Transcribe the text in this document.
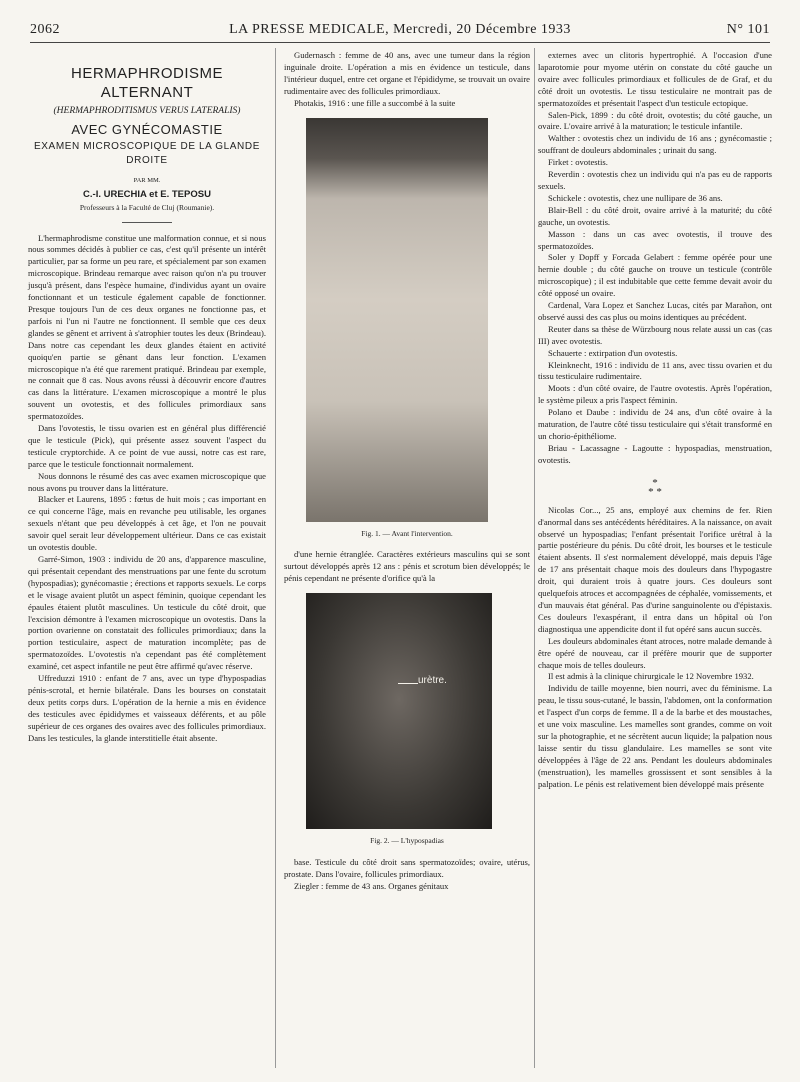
2062	LA PRESSE MEDICALE, Mercredi, 20 Décembre 1933	N° 101
HERMAPHRODISME ALTERNANT
(HERMAPHRODITISMUS VERUS LATERALIS)
AVEC GYNÉCOMASTIE
EXAMEN MICROSCOPIQUE DE LA GLANDE DROITE
PAR MM.
C.-I. URECHIA et E. TEPOSU
Professeurs à la Faculté de Cluj (Roumanie).

L'hermaphrodisme constitue une malformation connue, et si nous nous sommes décidés à publier ce cas, c'est qu'il présente un intérêt particulier, par sa forme un peu rare, et spécialement par son examen microscopique. Brindeau remarque avec raison qu'on n'a pu trouver jusqu'à présent, dans l'espèce humaine, d'individus ayant un ovaire fonctionnant et un testicule également capable de fonctionner. Presque toujours l'un de ces deux organes ne fonctionne pas, et parfois ni l'un ni l'autre ne fonctionnent. Il semble que ces deux glandes se gênent et arrivent à s'atrophier toutes les deux (Brindeau). Dans notre cas cependant les deux glandes étaient en activité quoiqu'en partie se gênant dans leur fonction. L'examen microscopique n'a été que rarement pratiqué. Brindeau par exemple, ne connait que 8 cas. Nous avons réussi à découvrir encore d'autres cas dans la littérature. L'examen microscopique a montré le plus souvent un ovotestis, et des follicules primordiaux sans spermatozoïdes.

Dans l'ovotestis, le tissu ovarien est en général plus différencié que le testicule (Pick), qui présente assez souvent l'aspect du testicule cryptorchide. A ce point de vue aussi, notre cas est rare, parce que le testicule fonctionnait normalement.

Nous donnons le résumé des cas avec examen microscopique que nous avons pu trouver dans la littérature.

Blacker et Laurens, 1895 : fœtus de huit mois ; cas important en ce qui concerne l'âge, mais en revanche peu utilisable, les organes sexuels n'étant que peu développés à cet âge, et l'on ne pouvait savoir quel serait leur développement ultérieur. Dans ce cas existait un ovotestis double.

Garré-Simon, 1903 : individu de 20 ans, d'apparence masculine, qui présentait cependant des menstruations par une fente du scrotum (hypospadias); gynécomastie ; érections et rapports sexuels. Le corps et le visage avaient plutôt un aspect féminin, quoique cependant les épaules étaient plutôt masculines. Un testicule du côté droit, que l'excision démontre à l'examen microscopique un ovotestis. Dans la portion ovarienne on constatait des follicules primordiaux; dans la portion testiculaire, aspect de maturation incomplète; pas de spermatozoïdes. L'ovotestis n'a cependant pas été complètement examiné, cet aspect infantile ne peut être affirmé qu'avec réserve.

Uffreduzzi 1910 : enfant de 7 ans, avec un type d'hypospadias pénis-scrotal, et hernie bilatérale. Dans les bourses on constatait deux petits corps durs. L'opération de la hernie a mis en évidence des testicules avec épididymes et vaisseaux déférents, et au pôle supérieur de ces organes des ovaires avec des follicules primordiaux. Dans les testicules, la glande interstitielle était absente.

Gudernasch : femme de 40 ans, avec une tumeur dans la région inguinale droite. L'opération a mis en évidence un testicule, dans l'intérieur duquel, entre cet organe et l'épididyme, se trouvait un ovaire rudimentaire avec des follicules primordiaux.

Photakis, 1916 : une fille a succombé à la suite

Fig. 1. — Avant l'intervention.

d'une hernie étranglée. Caractères extérieurs masculins qui se sont surtout développés après 12 ans : pénis et scrotum bien développés; le pénis cependant ne présente d'orifice qu'à la

urètre.
Fig. 2. — L'hypospadias

base. Testicule du côté droit sans spermatozoïdes; ovaire, utérus, prostate. Dans l'ovaire, follicules primordiaux.

Ziegler : femme de 43 ans. Organes génitaux

externes avec un clitoris hypertrophié. A l'occasion d'une laparotomie pour myome utérin on constate du côté gauche un ovaire avec follicules primordiaux et follicules de de Graf, et du côté droit un ovotestis. Le tissu testiculaire ne montrait pas de spermatozoïdes et présentait l'aspect d'un testicule ectopique.

Salen-Pick, 1899 : du côté droit, ovotestis; du côté gauche, un ovaire. L'ovaire arrivé à la maturation; le testicule infantile.

Walther : ovotestis chez un individu de 16 ans ; gynécomastie ; souffrant de douleurs abdominales ; urinait du sang.

Firket : ovotestis.

Reverdin : ovotestis chez un individu qui n'a pas eu de rapports sexuels.

Schickele : ovotestis, chez une nullipare de 36 ans.

Blair-Bell : du côté droit, ovaire arrivé à la maturité; du côté gauche, un ovotestis.

Masson : dans un cas avec ovotestis, il trouve des spermatozoïdes.

Soler y Dopff y Forcada Gelabert : femme opérée pour une hernie double ; du côté gauche on trouve un testicule (contrôle microscopique) ; il est indubitable que cette femme devait avoir du côté opposé un ovaire.

Cardenal, Vara Lopez et Sanchez Lucas, cités par Marañon, ont observé aussi des cas plus ou moins identiques au précédent.

Reuter dans sa thèse de Würzbourg nous relate aussi un cas (cas III) avec ovotestis.

Schauerte : extirpation d'un ovotestis.

Kleinknecht, 1916 : individu de 11 ans, avec tissu ovarien et du tissu testiculaire rudimentaire.

Moots : d'un côté ovaire, de l'autre ovotestis. Après l'opération, le système pileux a pris l'aspect féminin.

Polano et Daube : individu de 24 ans, d'un côté ovaire à la maturation, de l'autre côté tissu testiculaire qui s'était transformé en un chorio-épithéliome.

Briau - Lacassagne - Lagoutte : hypospadias, menstruation, ovotestis.

*
* *

Nicolas Cor..., 25 ans, employé aux chemins de fer. Rien d'anormal dans ses antécédents héréditaires. A la naissance, on avait observé un hypospadias; l'enfant présentait l'orifice urétral à la partie postérieure du pénis. Du côté droit, les bourses et le testicule étaient absents. Il s'est normalement développé, mais depuis l'âge de 17 ans présentait chaque mois des douleurs dans l'hypogastre droit, qui duraient trois à quatre jours. Ces douleurs sont quelquefois atroces et accompagnées de céphalée, vomissements, et d'un mauvais état général. Pas d'urine sanguinolente ou d'épistaxis. Ces douleurs l'exaspérant, il entra dans un hôpital où l'on diagnostiqua une appendicite dont il fut opéré sans aucun succès.

Les douleurs abdominales étant atroces, notre malade demande à être opéré de nouveau, car il préfère mourir que de supporter chaque mois de telles douleurs.

Il est admis à la clinique chirurgicale le 12 Novembre 1932.

Individu de taille moyenne, bien nourri, avec du féminisme. La peau, le tissu sous-cutané, le bassin, l'abdomen, ont la conformation et l'aspect d'un corps de femme. Il a de la barbe et des moustaches, et une voix masculine. Les mamelles sont grandes, comme on voit sur la photographie, et ne sécrètent aucun liquide; la palpation nous laisse sentir du tissu glandulaire. Les mamelles se sont vite développées à l'âge de 22 ans. Pendant les douleurs abdominales (menstruation), les mamelles grossissent et sont sensibles à la palpation. Le pénis est relativement bien développé mais présente
